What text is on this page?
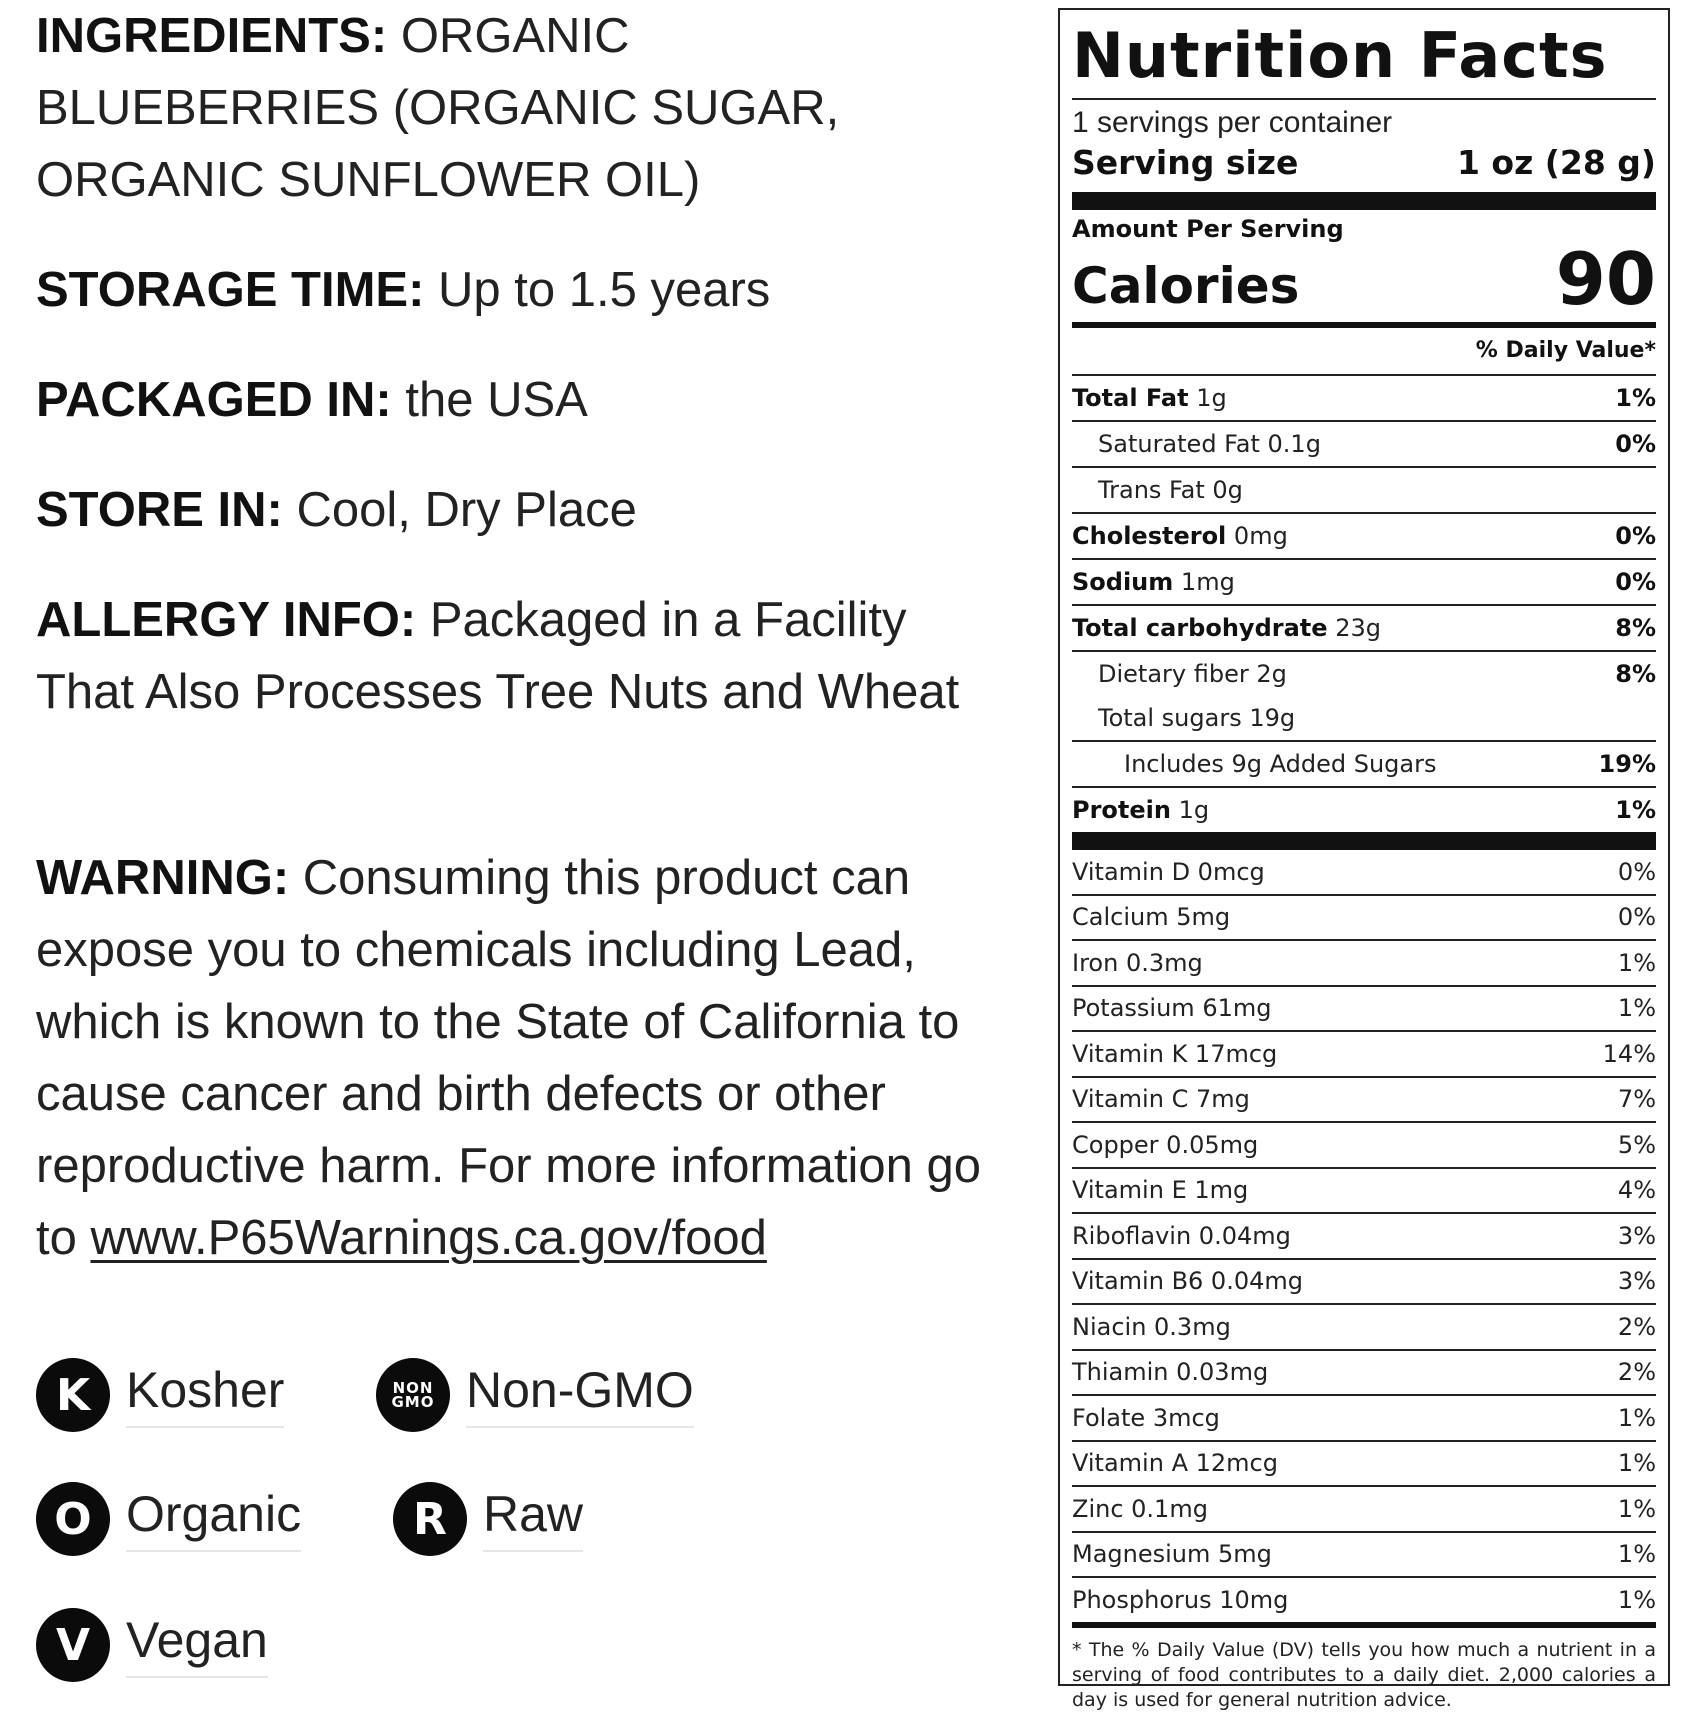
INGREDIENTS: ORGANIC BLUEBERRIES (ORGANIC SUGAR, ORGANIC SUNFLOWER OIL)
STORAGE TIME: Up to 1.5 years
PACKAGED IN: the USA
STORE IN: Cool, Dry Place
ALLERGY INFO: Packaged in a Facility That Also Processes Tree Nuts and Wheat
WARNING: Consuming this product can expose you to chemicals including Lead, which is known to the State of California to cause cancer and birth defects or other reproductive harm. For more information go to www.P65Warnings.ca.gov/food
K Kosher	NON
GMO Non-GMO
O Organic	R Raw
V Vegan
Nutrition Facts
1 servings per container
Serving size	1 oz (28 g)
Amount Per Serving
Calories	90
% Daily Value*
Total Fat 1g	1%
Saturated Fat 0.1g	0%
Trans Fat 0g
Cholesterol 0mg	0%
Sodium 1mg	0%
Total carbohydrate 23g	8%
Dietary fiber 2g	8%
Total sugars 19g
Includes 9g Added Sugars	19%
Protein 1g	1%
Vitamin D 0mcg	0%
Calcium 5mg	0%
Iron 0.3mg	1%
Potassium 61mg	1%
Vitamin K 17mcg	14%
Vitamin C 7mg	7%
Copper 0.05mg	5%
Vitamin E 1mg	4%
Riboflavin 0.04mg	3%
Vitamin B6 0.04mg	3%
Niacin 0.3mg	2%
Thiamin 0.03mg	2%
Folate 3mcg	1%
Vitamin A 12mcg	1%
Zinc 0.1mg	1%
Magnesium 5mg	1%
Phosphorus 10mg	1%
* The % Daily Value (DV) tells you how much a nutrient in a serving of food contributes to a daily diet. 2,000 calories a day is used for general nutrition advice.
